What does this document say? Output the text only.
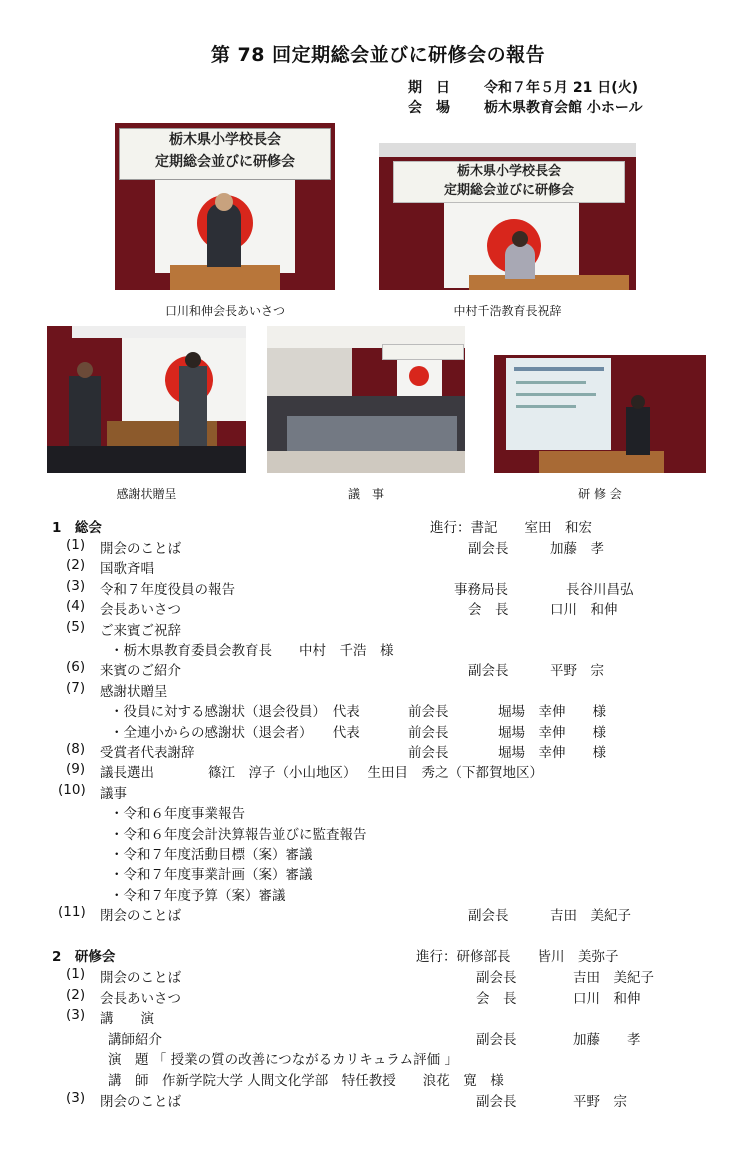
第 78 回定期総会並びに研修会の報告
期　日 令和７年５月 21 日(火)
会　場 栃木県教育会館 小ホール
栃木県小学校長会
定期総会並びに研修会
口川和伸会長あいさつ
栃木県小学校長会
定期総会並びに研修会
中村千浩教育長祝辞
感謝状贈呈	議　事	研 修 会
1　総会	進行：書記　　室田　和宏
(1) 開会のことば	副会長	加藤　孝
(2) 国歌斉唱
(3) 令和７年度役員の報告	事務局長	長谷川昌弘
(4) 会長あいさつ	会　長	口川　和伸
(5) ご来賓ご祝辞
・栃木県教育委員会教育長　　中村　千浩　様
(6) 来賓のご紹介	副会長	平野　宗
(7) 感謝状贈呈
・役員に対する感謝状（退会役員）　代表	前会長	堀場　幸伸　　様
・全連小からの感謝状（退会者）　　代表	前会長	堀場　幸伸　　様
(8) 受賞者代表謝辞	前会長	堀場　幸伸　　様
(9) 議長選出　　　　篠江　淳子（小山地区）　 生田目　秀之（下都賀地区）
(10) 議事
・令和６年度事業報告
・令和６年度会計決算報告並びに監査報告
・令和７年度活動目標（案）審議
・令和７年度事業計画（案）審議
・令和７年度予算（案）審議
(11) 閉会のことば	副会長	吉田　美紀子
2　研修会	進行：研修部長　　皆川　美弥子
(1) 開会のことば	副会長	吉田　美紀子
(2) 会長あいさつ	会　長	口川　和伸
(3) 講　　演
講師紹介	副会長	加藤　　孝
演　題 「 授業の質の改善につながるカリキュラム評価 」
講　師　作新学院大学 人間文化学部　特任教授　　浪花　寛　様
(3) 閉会のことば	副会長	平野　宗
